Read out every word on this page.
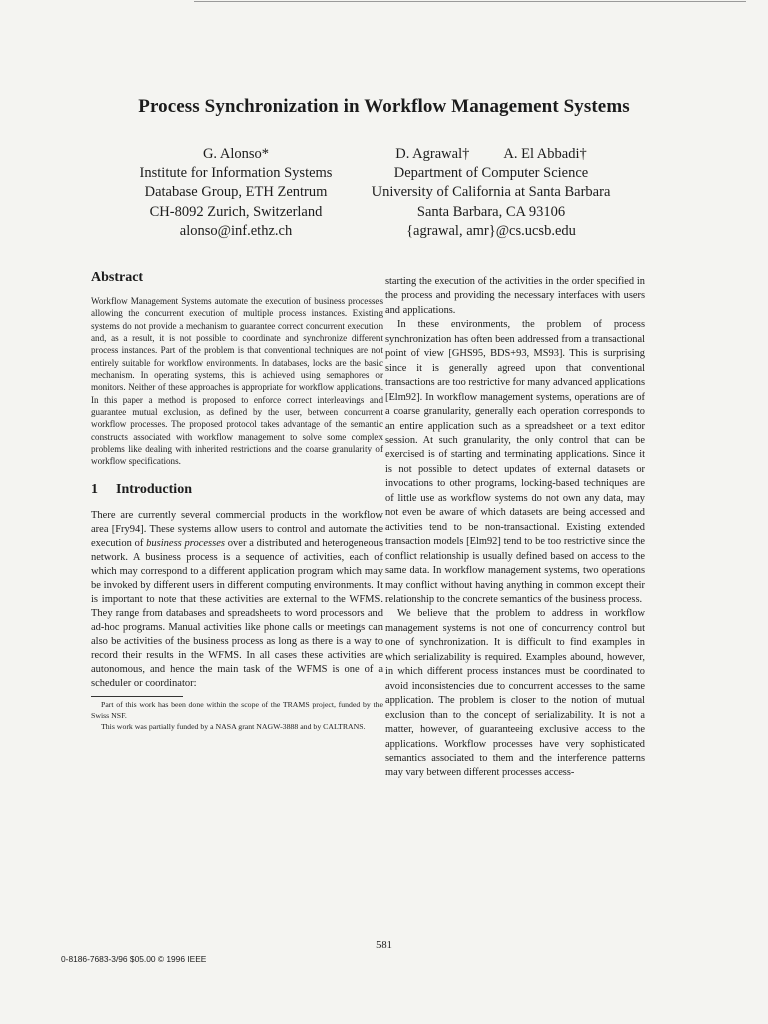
Process Synchronization in Workflow Management Systems
G. Alonso*
Institute for Information Systems
Database Group, ETH Zentrum
CH-8092 Zurich, Switzerland
alonso@inf.ethz.ch
D. Agrawal† A. El Abbadi†
Department of Computer Science
University of California at Santa Barbara
Santa Barbara, CA 93106
{agrawal, amr}@cs.ucsb.edu
Abstract

Workflow Management Systems automate the execution of business processes allowing the concurrent execution of multiple process instances. Existing systems do not provide a mechanism to guarantee correct concurrent execution and, as a result, it is not possible to coordinate and synchronize different process instances. Part of the problem is that conventional techniques are not entirely suitable for workflow environments. In databases, locks are the basic mechanism. In operating systems, this is achieved using semaphores or monitors. Neither of these approaches is appropriate for workflow applications. In this paper a method is proposed to enforce correct interleavings and guarantee mutual exclusion, as defined by the user, between concurrent workflow processes. The proposed protocol takes advantage of the semantic constructs associated with workflow management to solve some complex problems like dealing with inherited restrictions and the coarse granularity of workflow specifications.

1 Introduction

There are currently several commercial products in the workflow area [Fry94]. These systems allow users to control and automate the execution of business processes over a distributed and heterogeneous network. A business process is a sequence of activities, each of which may correspond to a different application program which may be invoked by different users in different computing environments. It is important to note that these activities are external to the WFMS. They range from databases and spreadsheets to word processors and ad-hoc programs. Manual activities like phone calls or meetings can also be activities of the business process as long as there is a way to record their results in the WFMS. In all cases these activities are autonomous, and hence the main task of the WFMS is one of a scheduler or coordinator:

Part of this work has been done within the scope of the TRAMS project, funded by the Swiss NSF.

This work was partially funded by a NASA grant NAGW-3888 and by CALTRANS.

starting the execution of the activities in the order specified in the process and providing the necessary interfaces with users and applications.

In these environments, the problem of process synchronization has often been addressed from a transactional point of view [GHS95, BDS+93, MS93]. This is surprising since it is generally agreed upon that conventional transactions are too restrictive for many advanced applications [Elm92]. In workflow management systems, operations are of a coarse granularity, generally each operation corresponds to an entire application such as a spreadsheet or a text editor session. At such granularity, the only control that can be exercised is of starting and terminating applications. Since it is not possible to detect updates of external datasets or invocations to other programs, locking-based techniques are of little use as workflow systems do not own any data, may not even be aware of which datasets are being accessed and activities tend to be non-transactional. Existing extended transaction models [Elm92] tend to be too restrictive since the conflict relationship is usually defined based on access to the same data. In workflow management systems, two operations may conflict without having anything in common except their relationship to the concrete semantics of the business process.

We believe that the problem to address in workflow management systems is not one of concurrency control but one of synchronization. It is difficult to find examples in which serializability is required. Examples abound, however, in which different process instances must be coordinated to avoid inconsistencies due to concurrent accesses to the same application. The problem is closer to the notion of mutual exclusion than to the concept of serializability. It is not a matter, however, of guaranteeing exclusive access to the applications. Workflow processes have very sophisticated semantics associated to them and the interference patterns may vary between different processes access-

581
0-8186-7683-3/96 $05.00 © 1996 IEEE
